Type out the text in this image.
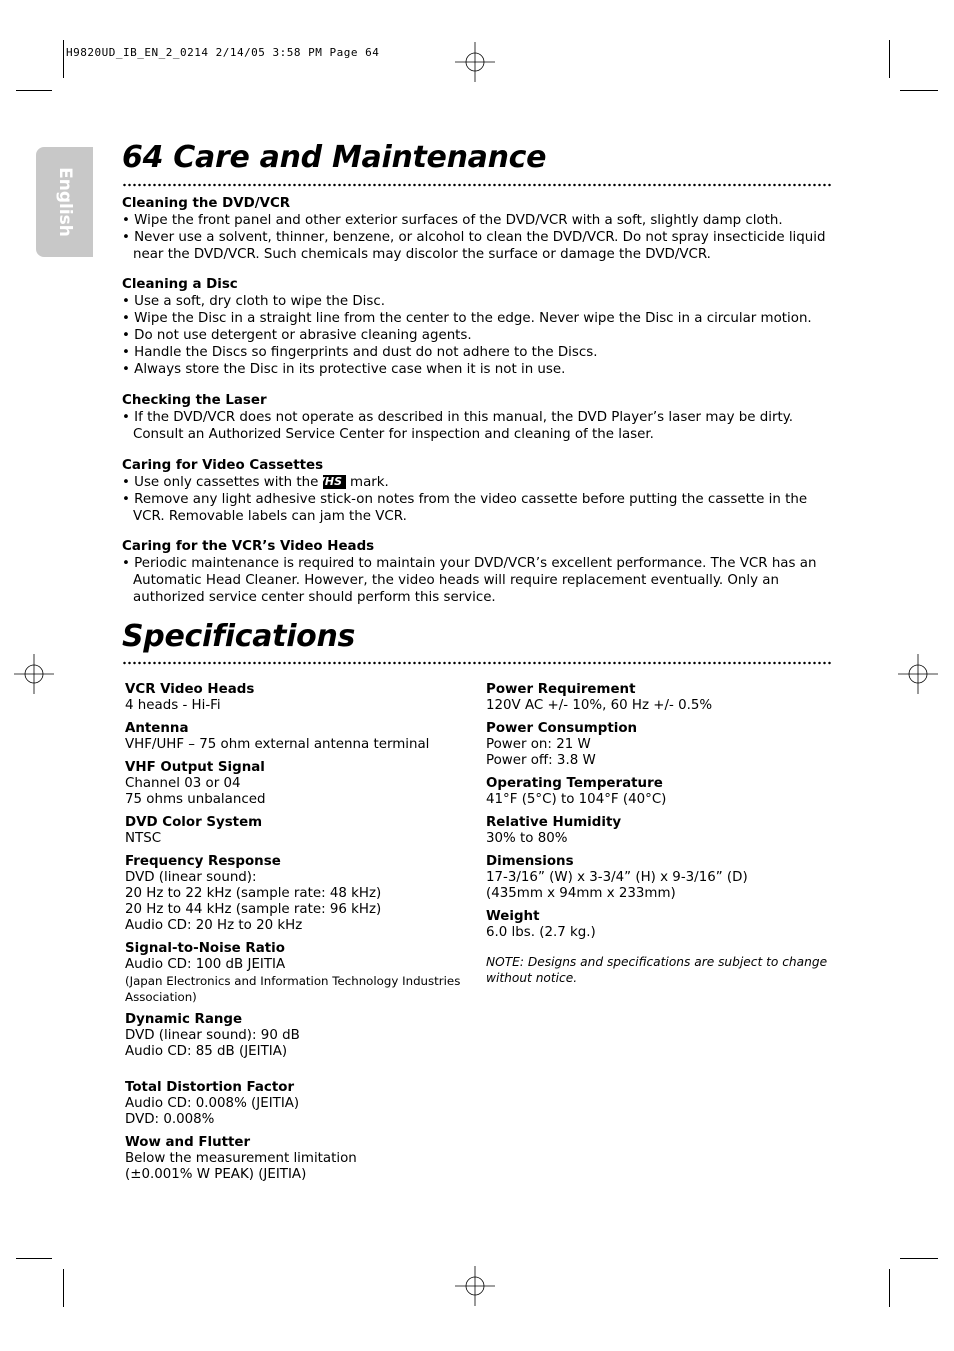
H9820UD_IB_EN_2_0214 2/14/05 3:58 PM Page 64
English
64 Care and Maintenance
Cleaning the DVD/VCR
• Wipe the front panel and other exterior surfaces of the DVD/VCR with a soft, slightly damp cloth.
• Never use a solvent, thinner, benzene, or alcohol to clean the DVD/VCR. Do not spray insecticide liquid near the DVD/VCR. Such chemicals may discolor the surface or damage the DVD/VCR.
Cleaning a Disc
• Use a soft, dry cloth to wipe the Disc.
• Wipe the Disc in a straight line from the center to the edge. Never wipe the Disc in a circular motion.
• Do not use detergent or abrasive cleaning agents.
• Handle the Discs so fingerprints and dust do not adhere to the Discs.
• Always store the Disc in its protective case when it is not in use.
Checking the Laser
• If the DVD/VCR does not operate as described in this manual, the DVD Player’s laser may be dirty. Consult an Authorized Service Center for inspection and cleaning of the laser.
Caring for Video Cassettes
• Use only cassettes with theVHS mark.
• Remove any light adhesive stick-on notes from the video cassette before putting the cassette in the VCR. Removable labels can jam the VCR.
Caring for the VCR’s Video Heads
• Periodic maintenance is required to maintain your DVD/VCR’s excellent performance. The VCR has an Automatic Head Cleaner. However, the video heads will require replacement eventually. Only an authorized service center should perform this service.
Specifications
VCR Video Heads
4 heads - Hi-Fi
Antenna
VHF/UHF – 75 ohm external antenna terminal
VHF Output Signal
Channel 03 or 04
75 ohms unbalanced
DVD Color System
NTSC
Frequency Response
DVD (linear sound):
20 Hz to 22 kHz (sample rate: 48 kHz)
20 Hz to 44 kHz (sample rate: 96 kHz)
Audio CD: 20 Hz to 20 kHz
Signal-to-Noise Ratio
Audio CD: 100 dB JEITIA
(Japan Electronics and Information Technology Industries Association)
Dynamic Range
DVD (linear sound): 90 dB
Audio CD: 85 dB (JEITIA)
Total Distortion Factor
Audio CD: 0.008% (JEITIA)
DVD: 0.008%
Wow and Flutter
Below the measurement limitation
(±0.001% W PEAK) (JEITIA)
Power Requirement
120V AC +/- 10%, 60 Hz +/- 0.5%
Power Consumption
Power on: 21 W
Power off: 3.8 W
Operating Temperature
41°F (5°C) to 104°F (40°C)
Relative Humidity
30% to 80%
Dimensions
17-3/16” (W) x 3-3/4” (H) x 9-3/16” (D)
(435mm x 94mm x 233mm)
Weight
6.0 lbs. (2.7 kg.)
NOTE: Designs and specifications are subject to change without notice.
